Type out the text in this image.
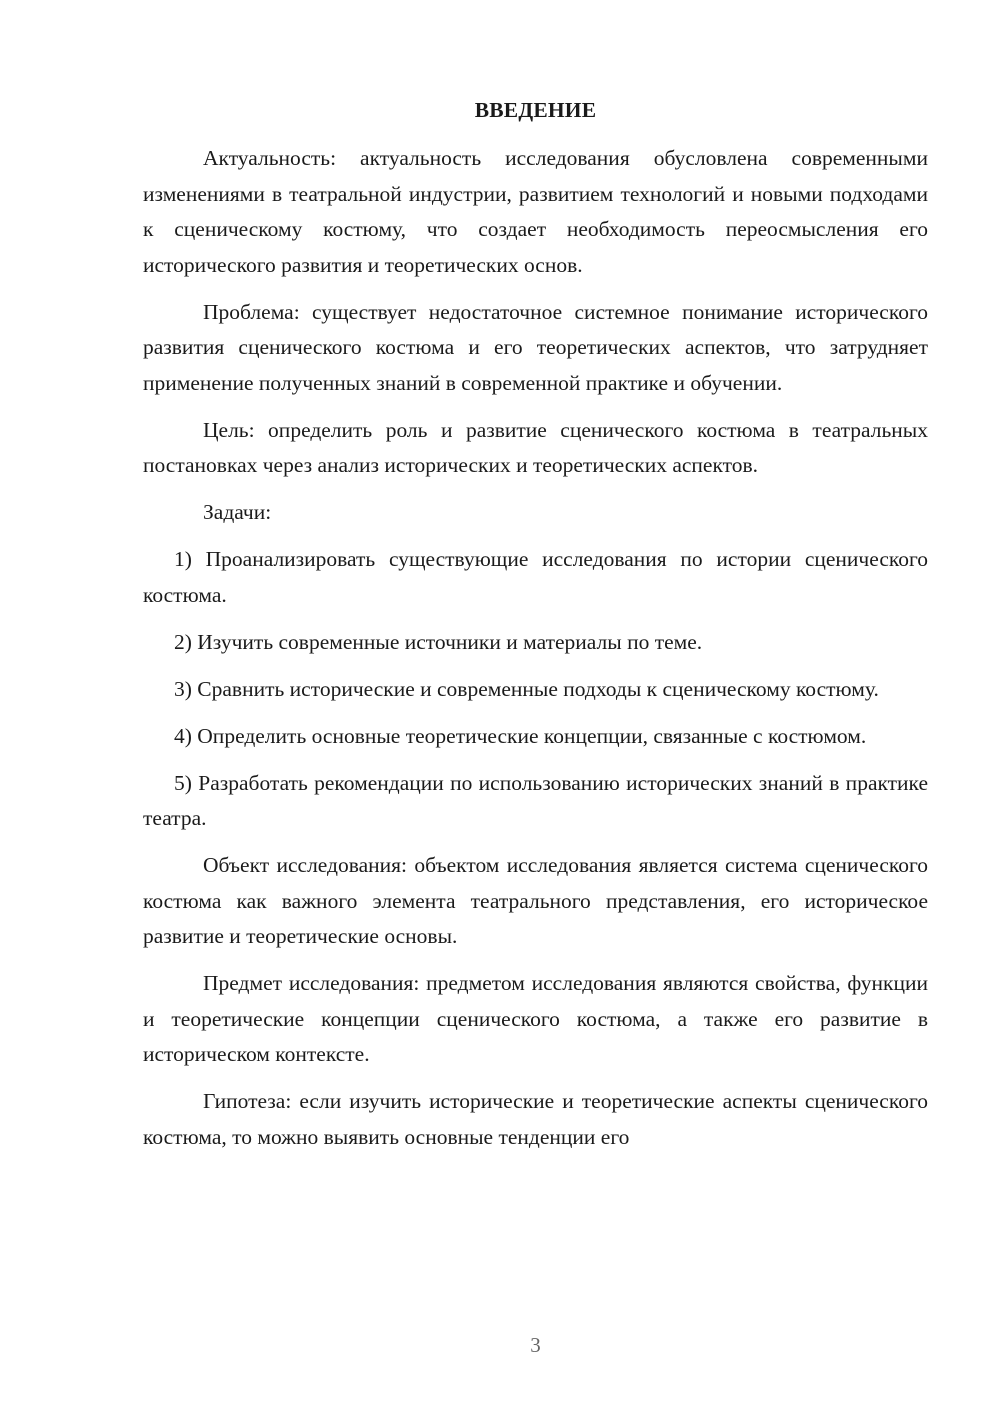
ВВЕДЕНИЕ

Актуальность: актуальность исследования обусловлена современными изменениями в театральной индустрии, развитием технологий и новыми подходами к сценическому костюму, что создает необходимость переосмысления его исторического развития и теоретических основ.

Проблема: существует недостаточное системное понимание исторического развития сценического костюма и его теоретических аспектов, что затрудняет применение полученных знаний в современной практике и обучении.

Цель: определить роль и развитие сценического костюма в театральных постановках через анализ исторических и теоретических аспектов.

Задачи:

1) Проанализировать существующие исследования по истории сценического костюма.

2) Изучить современные источники и материалы по теме.

3) Сравнить исторические и современные подходы к сценическому костюму.

4) Определить основные теоретические концепции, связанные с костюмом.

5) Разработать рекомендации по использованию исторических знаний в практике театра.

Объект исследования: объектом исследования является система сценического костюма как важного элемента театрального представления, его историческое развитие и теоретические основы.

Предмет исследования: предметом исследования являются свойства, функции и теоретические концепции сценического костюма, а также его развитие в историческом контексте.

Гипотеза: если изучить исторические и теоретические аспекты сценического костюма, то можно выявить основные тенденции его

3
